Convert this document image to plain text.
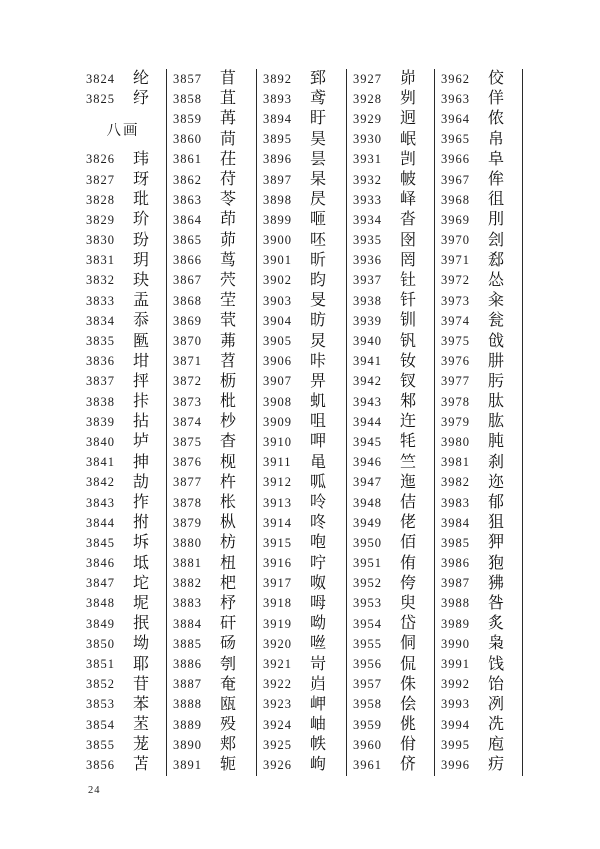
3824	纶
3825	纾
八画
3826	玮
3827	玡
3828	玭
3829	玠
3830	玢
3831	玥
3832	玦
3833	盂
3834	忝
3835	匦
3836	坩
3837	抨
3838	拤
3839	拈
3840	垆
3841	抻
3842	劼
3843	拃
3844	拊
3845	坼
3846	坻
3847	坨
3848	坭
3849	抿
3850	坳
3851	耶
3852	苷
3853	苯
3854	苤
3855	茏
3856	苫
3857	苜
3858	苴
3859	苒
3860	苘
3861	茌
3862	苻
3863	苓
3864	茚
3865	茆
3866	茑
3867	茓
3868	茔
3869	茕
3870	茀
3871	苕
3872	枥
3873	枇
3874	杪
3875	杳
3876	枧
3877	杵
3878	枨
3879	枞
3880	枋
3881	杻
3882	杷
3883	杼
3884	矸
3885	砀
3886	刳
3887	奄
3888	瓯
3889	殁
3890	郏
3891	轭
3892	郅
3893	鸢
3894	盱
3895	昊
3896	昙
3897	杲
3898	昃
3899	咂
3900	呸
3901	昕
3902	昀
3903	旻
3904	昉
3905	炅
3906	咔
3907	畀
3908	虮
3909	咀
3910	呷
3911	黾
3912	呱
3913	呤
3914	咚
3915	咆
3916	咛
3917	呶
3918	呣
3919	呦
3920	咝
3921	岢
3922	岿
3923	岬
3924	岫
3925	帙
3926	岣
3927	峁
3928	刿
3929	迥
3930	岷
3931	剀
3932	帔
3933	峄
3934	沓
3935	囹
3936	罔
3937	钍
3938	钎
3939	钏
3940	钒
3941	钕
3942	钗
3943	邾
3944	迕
3945	牦
3946	竺
3947	迤
3948	佶
3949	佬
3950	佰
3951	侑
3952	侉
3953	臾
3954	岱
3955	侗
3956	侃
3957	侏
3958	侩
3959	佻
3960	佾
3961	侪
3962	佼
3963	佯
3964	侬
3965	帛
3966	阜
3967	侔
3968	徂
3969	刖
3970	刽
3971	郄
3972	怂
3973	籴
3974	瓮
3975	戗
3976	肼
3977	肟
3978	肽
3979	肱
3980	肫
3981	刹
3982	迩
3983	郁
3984	狙
3985	狎
3986	狍
3987	狒
3988	咎
3989	炙
3990	枭
3991	饯
3992	饴
3993	冽
3994	冼
3995	庖
3996	疠
24
